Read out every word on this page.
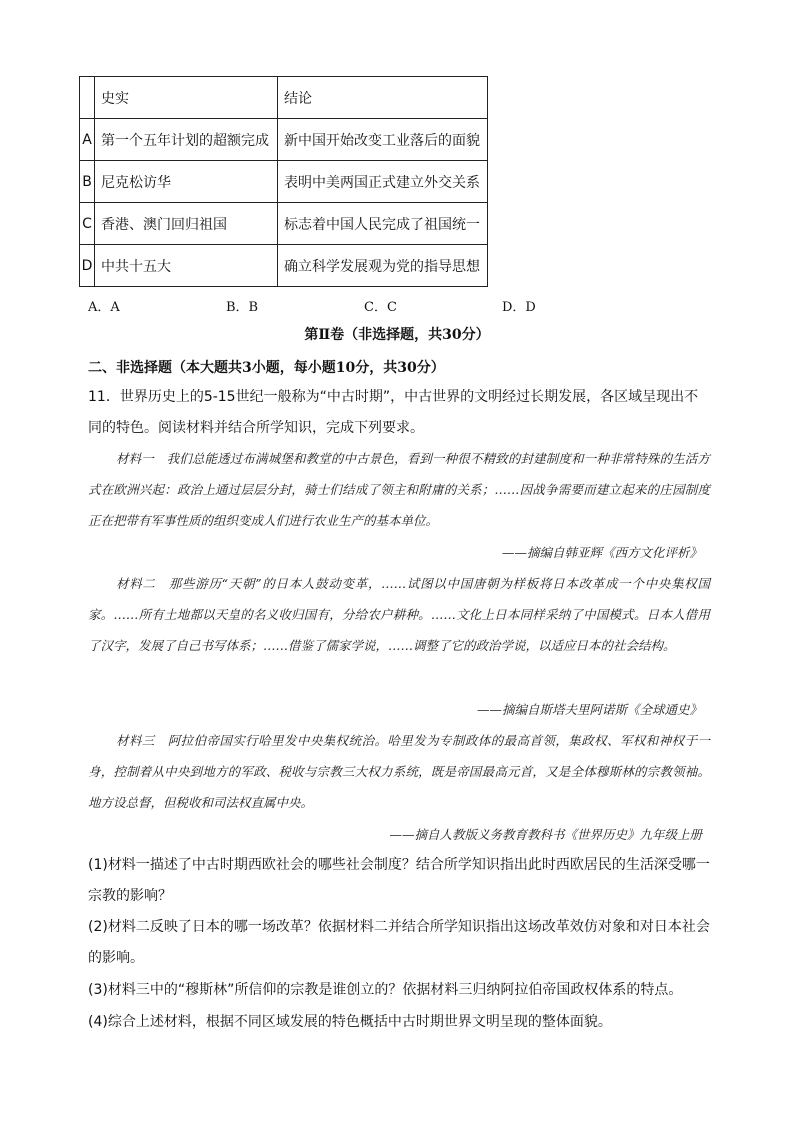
	史实	结论
A	第一个五年计划的超额完成	新中国开始改变工业落后的面貌
B	尼克松访华	表明中美两国正式建立外交关系
C	香港、澳门回归祖国	标志着中国人民完成了祖国统一
D	中共十五大	确立科学发展观为党的指导思想
A．A	B．B	C．C	D．D
第Ⅱ卷（非选择题，共30分）
二、非选择题（本大题共3小题，每小题10分，共30分）
11．世界历史上的5-15世纪一般称为“中古时期”，中古世界的文明经过长期发展，各区域呈现出不同的特色。阅读材料并结合所学知识，完成下列要求。
材料一　我们总能透过布满城堡和教堂的中古景色，看到一种很不精致的封建制度和一种非常特殊的生活方式在欧洲兴起：政治上通过层层分封，骑士们结成了领主和附庸的关系；……因战争需要而建立起来的庄园制度正在把带有军事性质的组织变成人们进行农业生产的基本单位。
——摘编自韩亚辉《西方文化评析》
材料二　那些游历“天朝”的日本人鼓动变革，……试图以中国唐朝为样板将日本改革成一个中央集权国家。……所有土地都以天皇的名义收归国有，分给农户耕种。……文化上日本同样采纳了中国模式。日本人借用了汉字，发展了自己书写体系；……借鉴了儒家学说，……调整了它的政治学说，以适应日本的社会结构。
——摘编自斯塔夫里阿诺斯《全球通史》
材料三　阿拉伯帝国实行哈里发中央集权统治。哈里发为专制政体的最高首领，集政权、军权和神权于一身，控制着从中央到地方的军政、税收与宗教三大权力系统，既是帝国最高元首，又是全体穆斯林的宗教领袖。地方设总督，但税收和司法权直属中央。
——摘自人教版义务教育教科书《世界历史》九年级上册
(1)材料一描述了中古时期西欧社会的哪些社会制度？结合所学知识指出此时西欧居民的生活深受哪一宗教的影响？
(2)材料二反映了日本的哪一场改革？依据材料二并结合所学知识指出这场改革效仿对象和对日本社会的影响。
(3)材料三中的“穆斯林”所信仰的宗教是谁创立的？依据材料三归纳阿拉伯帝国政权体系的特点。
(4)综合上述材料，根据不同区域发展的特色概括中古时期世界文明呈现的整体面貌。
